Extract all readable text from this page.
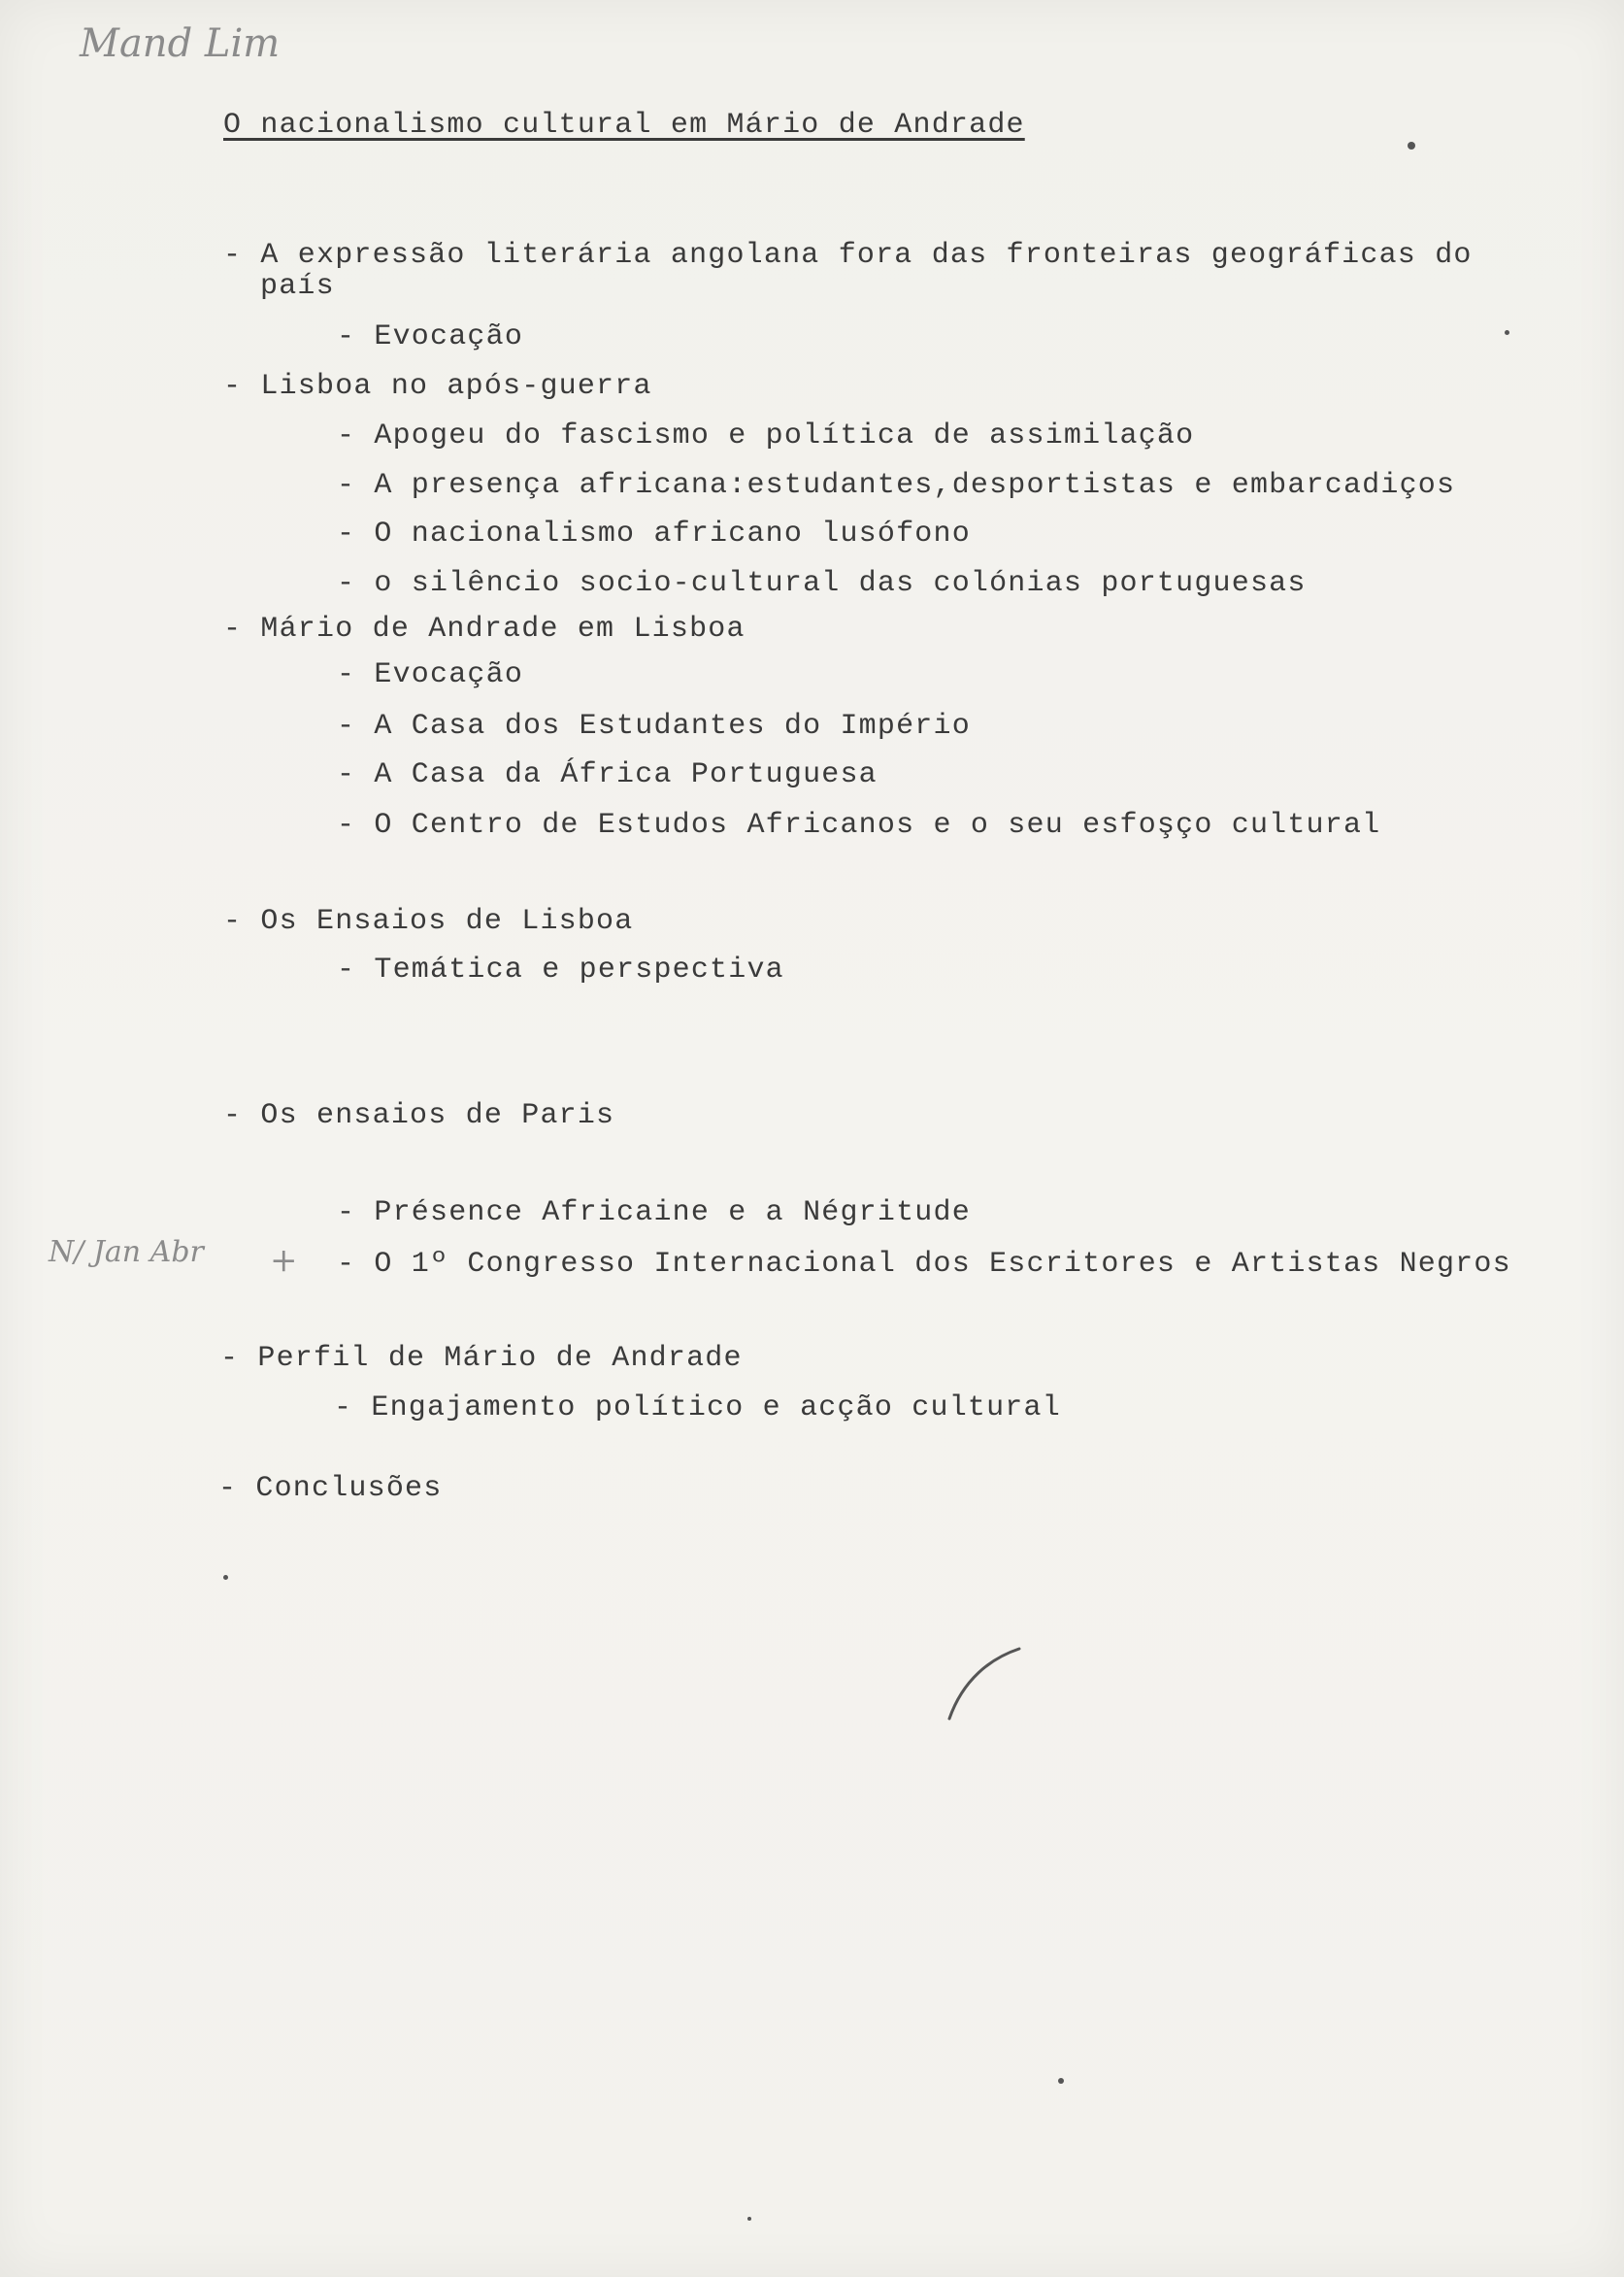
Mand Lim
O nacionalismo cultural em Mário de Andrade
- A expressão literária angolana fora das fronteiras geográficas do
país
- Evocação
- Lisboa no após-guerra
- Apogeu do fascismo e política de assimilação
- A presença africana:estudantes,desportistas e embarcadiços
- O nacionalismo africano lusófono
- o silêncio socio-cultural das colónias portuguesas
- Mário de Andrade em Lisboa
- Evocação
- A Casa dos Estudantes do Império
- A Casa da África Portuguesa
- O Centro de Estudos Africanos e o seu esfoşço cultural
- Os Ensaios de Lisboa
- Temática e perspectiva
- Os ensaios de Paris
- Présence Africaine e a Négritude
- O 1º Congresso Internacional dos Escritores e Artistas Negros
- Perfil de Mário de Andrade
- Engajamento político e acção cultural
- Conclusões
N/ Jan Abr +
